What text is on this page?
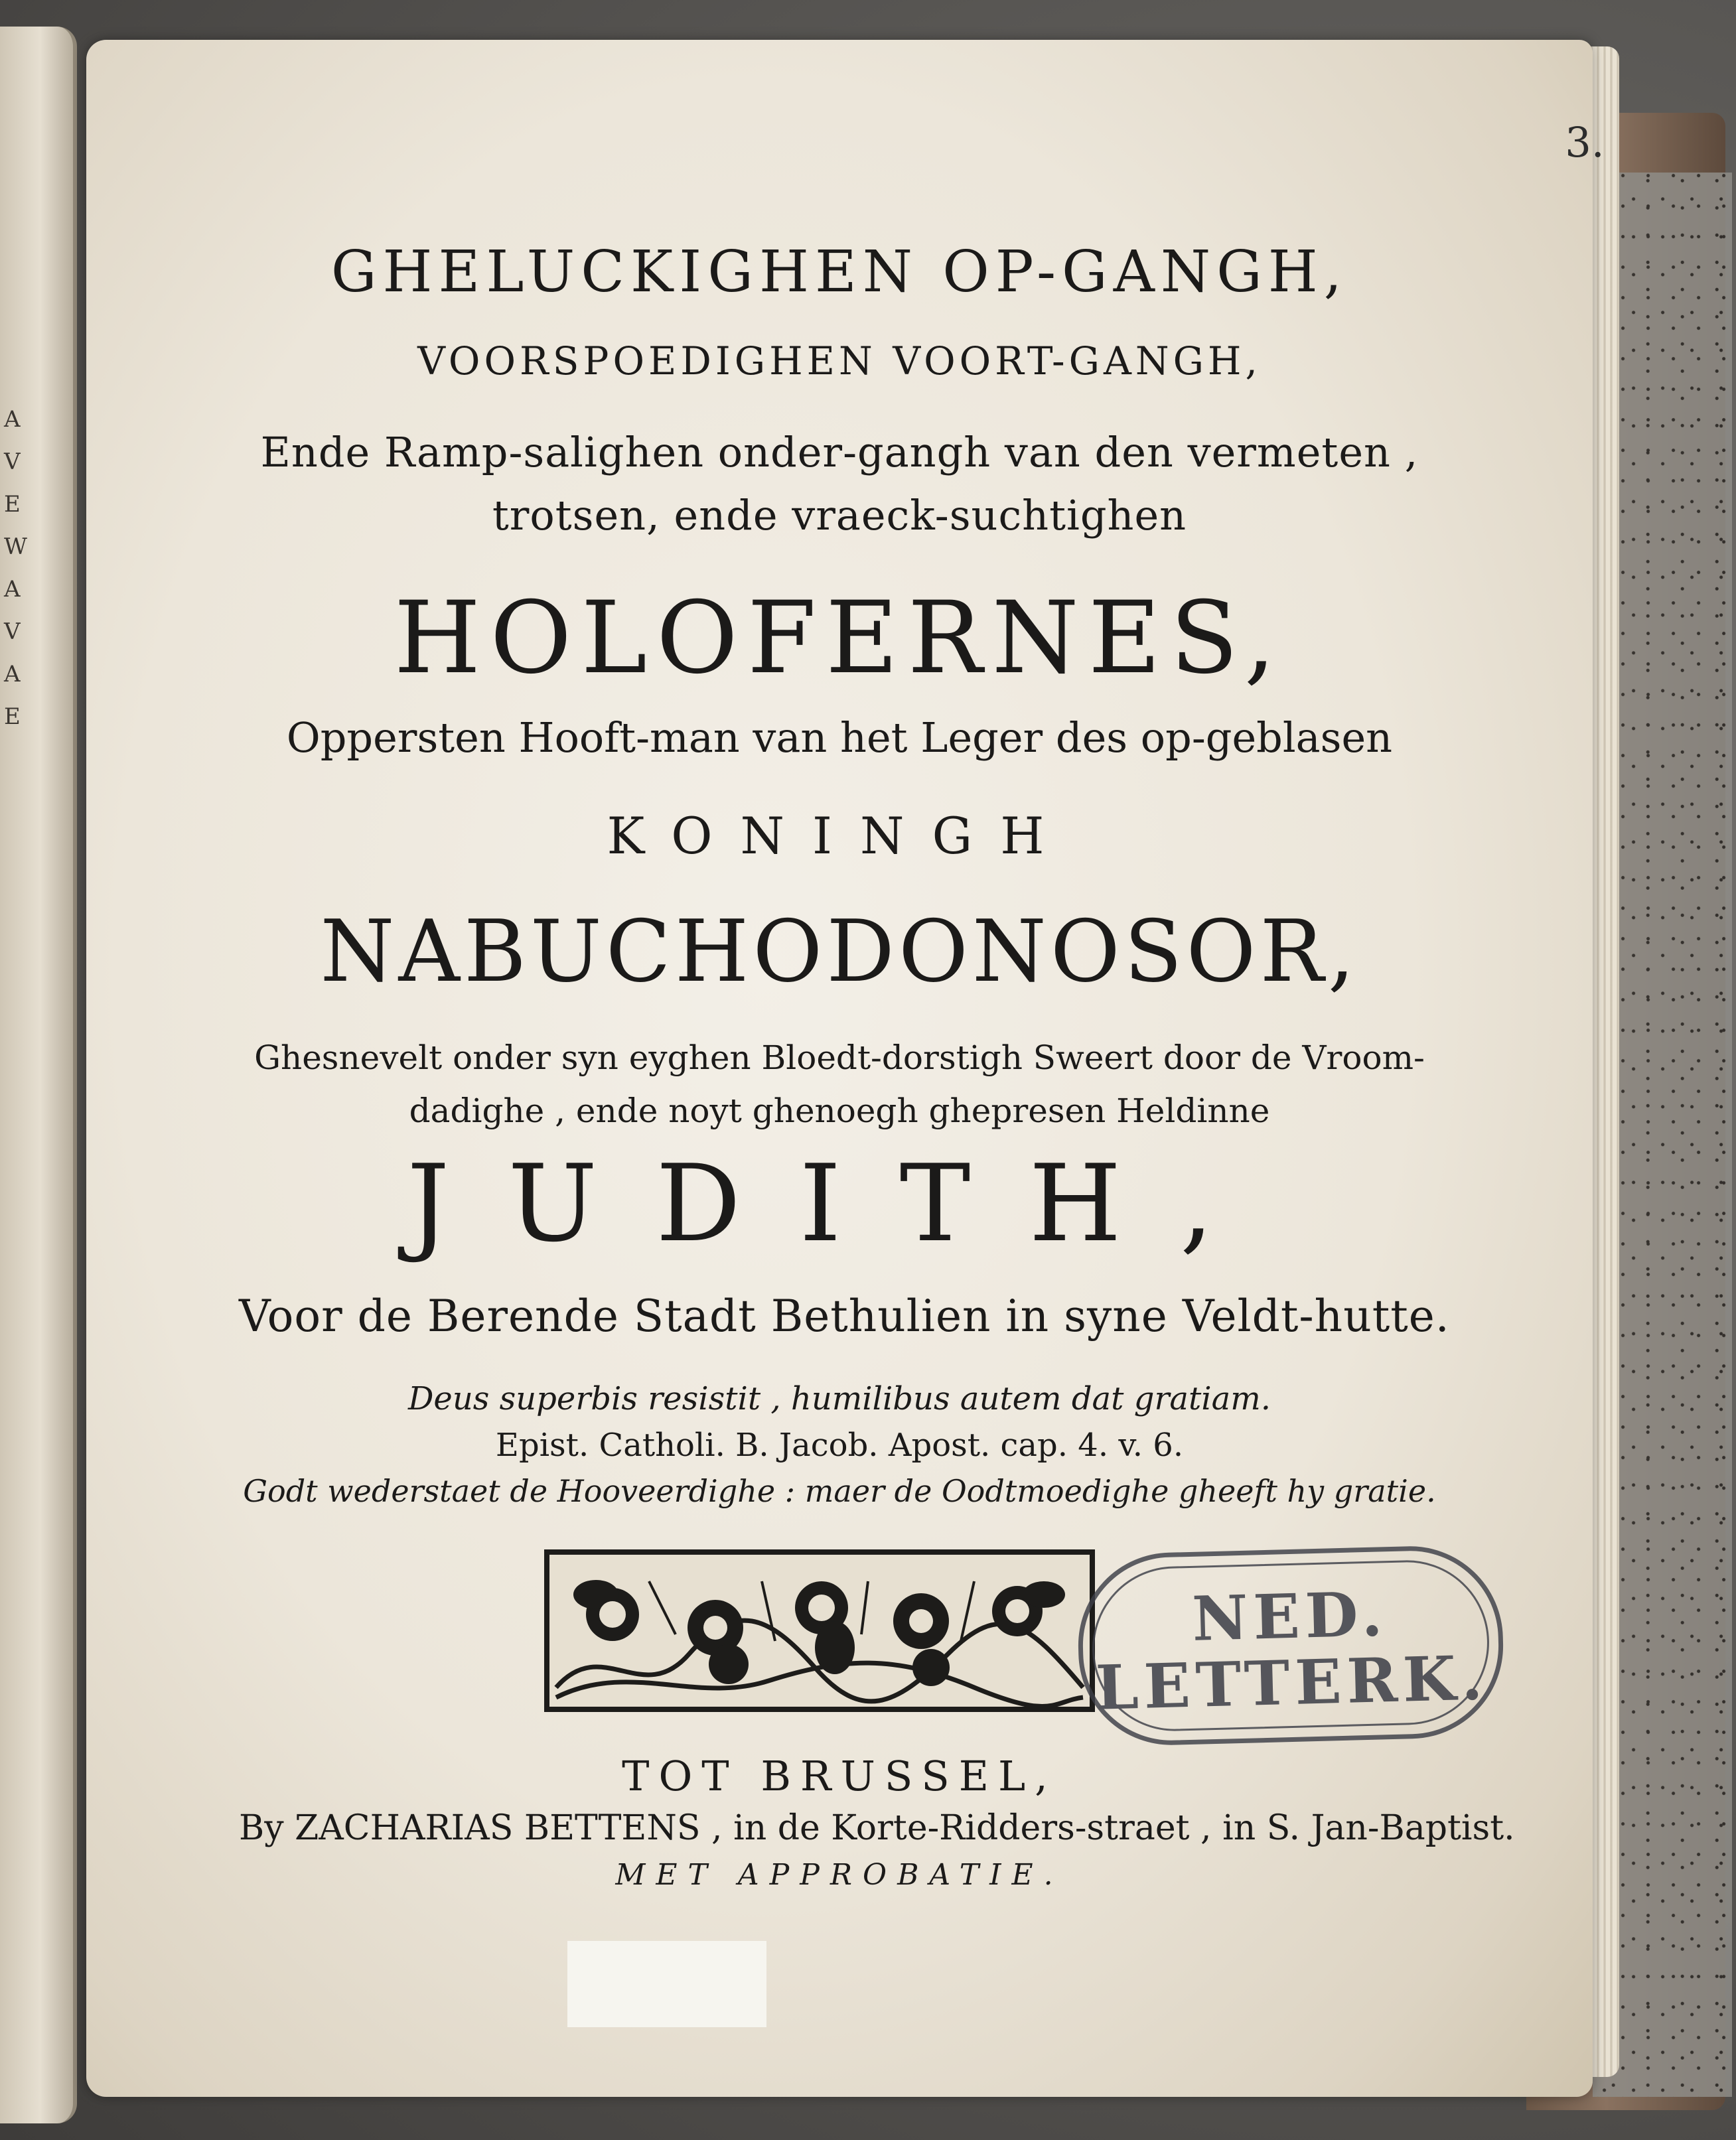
A
V
E
W
A
V
A
E
3.
GHELUCKIGHEN OP-GANGH,
VOORSPOEDIGHEN VOORT-GANGH,
Ende Ramp-salighen onder-gangh van den vermeten ,
trotsen, ende vraeck-suchtighen
HOLOFERNES,
Oppersten Hooft-man van het Leger des op-geblasen
KONINGH
NABUCHODONOSOR,
Ghesnevelt onder syn eyghen Bloedt-dorstigh Sweert door de Vroom-
dadighe , ende noyt ghenoegh ghepresen Heldinne
JUDITH,
Voor de Berende Stadt Bethulien in syne Veldt-hutte.
Deus superbis resistit , humilibus autem dat gratiam.
Epist. Catholi. B. Jacob. Apost. cap. 4. v. 6.
Godt wederstaet de Hooveerdighe : maer de Oodtmoedighe gheeft hy gratie.
TOT BRUSSEL,
By ZACHARIAS BETTENS , in de Korte-Ridders-straet , in S. Jan-Baptist.
MET APPROBATIE.
NED.
LETTERK.
